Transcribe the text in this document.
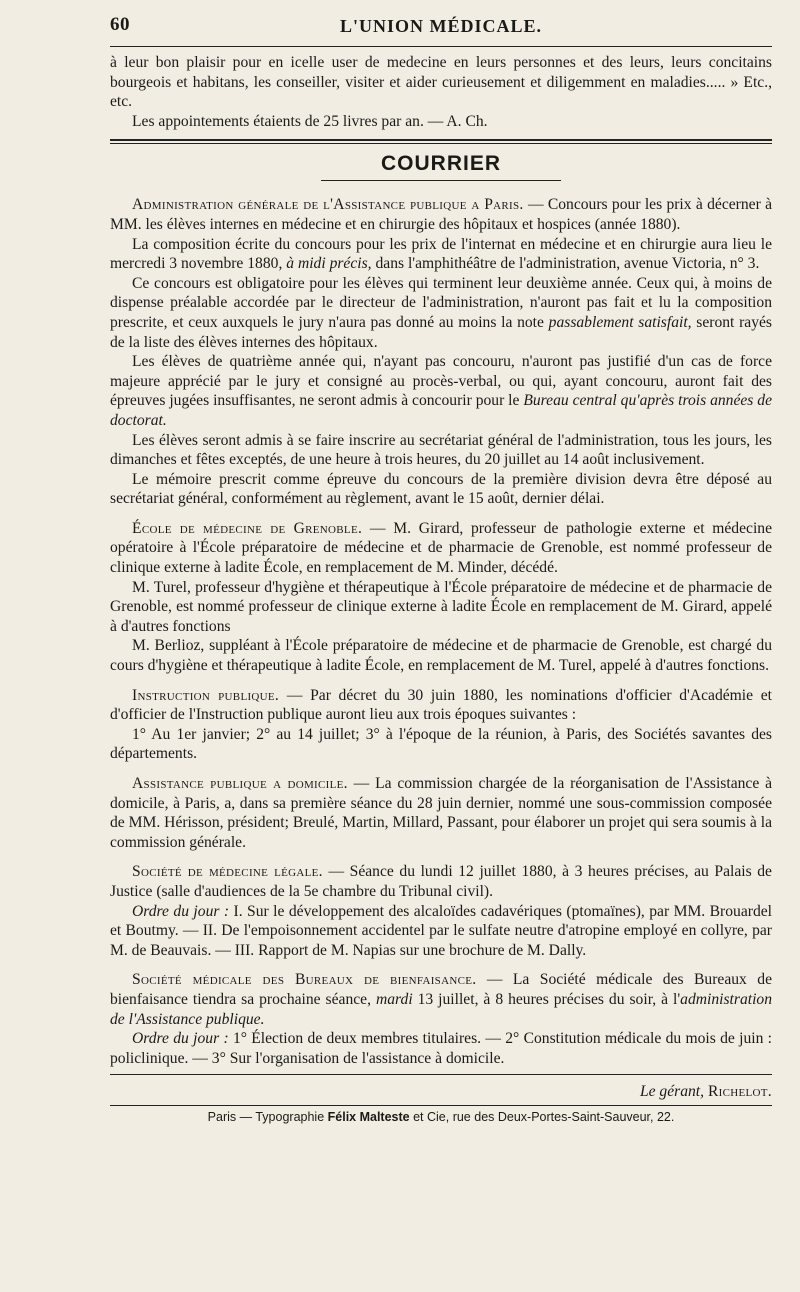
60	L'UNION MÉDICALE.

à leur bon plaisir pour en icelle user de medecine en leurs personnes et des leurs, leurs concitains bourgeois et habitans, les conseiller, visiter et aider curieusement et diligemment en maladies..... » Etc., etc.

Les appointements étaients de 25 livres par an. — A. Ch.

COURRIER

Administration générale de l'Assistance publique a Paris. — Concours pour les prix à décerner à MM. les élèves internes en médecine et en chirurgie des hôpitaux et hospices (année 1880).

La composition écrite du concours pour les prix de l'internat en médecine et en chirurgie aura lieu le mercredi 3 novembre 1880, à midi précis, dans l'amphithéâtre de l'administration, avenue Victoria, n° 3.

Ce concours est obligatoire pour les élèves qui terminent leur deuxième année. Ceux qui, à moins de dispense préalable accordée par le directeur de l'administration, n'auront pas fait et lu la composition prescrite, et ceux auxquels le jury n'aura pas donné au moins la note passablement satisfait, seront rayés de la liste des élèves internes des hôpitaux.

Les élèves de quatrième année qui, n'ayant pas concouru, n'auront pas justifié d'un cas de force majeure apprécié par le jury et consigné au procès-verbal, ou qui, ayant concouru, auront fait des épreuves jugées insuffisantes, ne seront admis à concourir pour le Bureau central qu'après trois années de doctorat.

Les élèves seront admis à se faire inscrire au secrétariat général de l'administration, tous les jours, les dimanches et fêtes exceptés, de une heure à trois heures, du 20 juillet au 14 août inclusivement.

Le mémoire prescrit comme épreuve du concours de la première division devra être déposé au secrétariat général, conformément au règlement, avant le 15 août, dernier délai.

École de médecine de Grenoble. — M. Girard, professeur de pathologie externe et médecine opératoire à l'École préparatoire de médecine et de pharmacie de Grenoble, est nommé professeur de clinique externe à ladite École, en remplacement de M. Minder, décédé.

M. Turel, professeur d'hygiène et thérapeutique à l'École préparatoire de médecine et de pharmacie de Grenoble, est nommé professeur de clinique externe à ladite École en remplacement de M. Girard, appelé à d'autres fonctions

M. Berlioz, suppléant à l'École préparatoire de médecine et de pharmacie de Grenoble, est chargé du cours d'hygiène et thérapeutique à ladite École, en remplacement de M. Turel, appelé à d'autres fonctions.

Instruction publique. — Par décret du 30 juin 1880, les nominations d'officier d'Académie et d'officier de l'Instruction publique auront lieu aux trois époques suivantes :

1° Au 1er janvier; 2° au 14 juillet; 3° à l'époque de la réunion, à Paris, des Sociétés savantes des départements.

Assistance publique a domicile. — La commission chargée de la réorganisation de l'Assistance à domicile, à Paris, a, dans sa première séance du 28 juin dernier, nommé une sous-commission composée de MM. Hérisson, président; Breulé, Martin, Millard, Passant, pour élaborer un projet qui sera soumis à la commission générale.

Société de médecine légale. — Séance du lundi 12 juillet 1880, à 3 heures précises, au Palais de Justice (salle d'audiences de la 5e chambre du Tribunal civil).

Ordre du jour : I. Sur le développement des alcaloïdes cadavériques (ptomaïnes), par MM. Brouardel et Boutmy. — II. De l'empoisonnement accidentel par le sulfate neutre d'atropine employé en collyre, par M. de Beauvais. — III. Rapport de M. Napias sur une brochure de M. Dally.

Société médicale des Bureaux de bienfaisance. — La Société médicale des Bureaux de bienfaisance tiendra sa prochaine séance, mardi 13 juillet, à 8 heures précises du soir, à l'administration de l'Assistance publique.

Ordre du jour : 1° Élection de deux membres titulaires. — 2° Constitution médicale du mois de juin : policlinique. — 3° Sur l'organisation de l'assistance à domicile.

Le gérant, Richelot.
Paris — Typographie Félix Malteste et Cie, rue des Deux-Portes-Saint-Sauveur, 22.
